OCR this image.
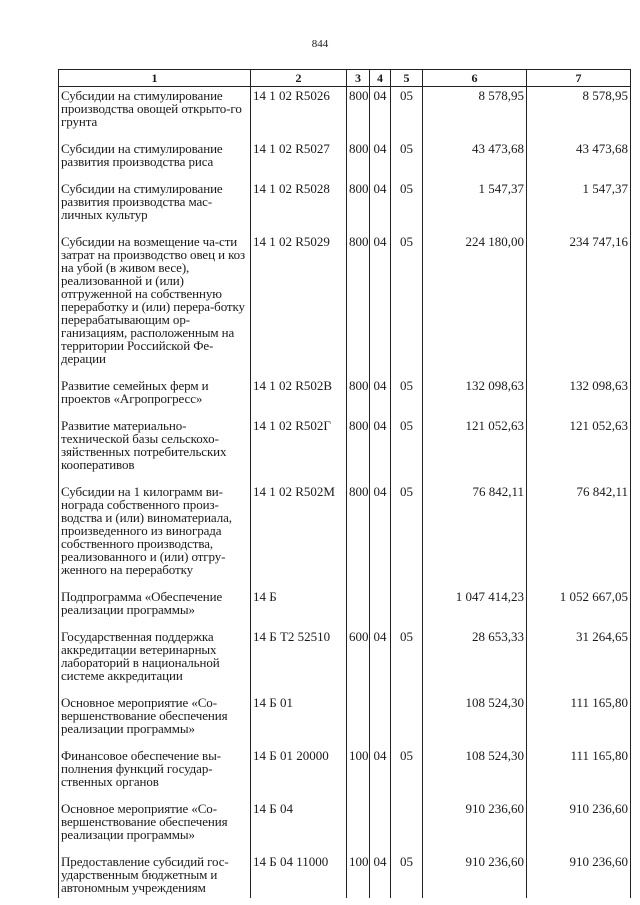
844
1	2	3	4	5	6	7
Субсидии на стимулирование производства овощей открыто-го грунта	14 1 02 R5026	800	04	05	8 578,95	8 578,95
Субсидии на стимулирование развития производства риса	14 1 02 R5027	800	04	05	43 473,68	43 473,68
Субсидии на стимулирование развития производства мас-личных культур	14 1 02 R5028	800	04	05	1 547,37	1 547,37
Субсидии на возмещение ча-сти затрат на производство овец и коз на убой (в живом весе), реализованной и (или) отгруженной на собственную переработку и (или) перера-ботку перерабатывающим ор-ганизациям, расположенным на территории Российской Фе-дерации	14 1 02 R5029	800	04	05	224 180,00	234 747,16
Развитие семейных ферм и проектов «Агропрогресс»	14 1 02 R502В	800	04	05	132 098,63	132 098,63
Развитие материально-технической базы сельскохо-зяйственных потребительских кооперативов	14 1 02 R502Г	800	04	05	121 052,63	121 052,63
Субсидии на 1 килограмм ви-нограда собственного произ-водства и (или) виноматериала, произведенного из винограда собственного производства, реализованного и (или) отгру-женного на переработку	14 1 02 R502М	800	04	05	76 842,11	76 842,11
Подпрограмма «Обеспечение реализации программы»	14 Б				1 047 414,23	1 052 667,05
Государственная поддержка аккредитации ветеринарных лабораторий в национальной системе аккредитации	14 Б Т2 52510	600	04	05	28 653,33	31 264,65
Основное мероприятие «Со-вершенствование обеспечения реализации программы»	14 Б 01				108 524,30	111 165,80
Финансовое обеспечение вы-полнения функций государ-ственных органов	14 Б 01 20000	100	04	05	108 524,30	111 165,80
Основное мероприятие «Со-вершенствование обеспечения реализации программы»	14 Б 04				910 236,60	910 236,60
Предоставление субсидий гос-ударственным бюджетным и автономным учреждениям	14 Б 04 11000	100	04	05	910 236,60	910 236,60
